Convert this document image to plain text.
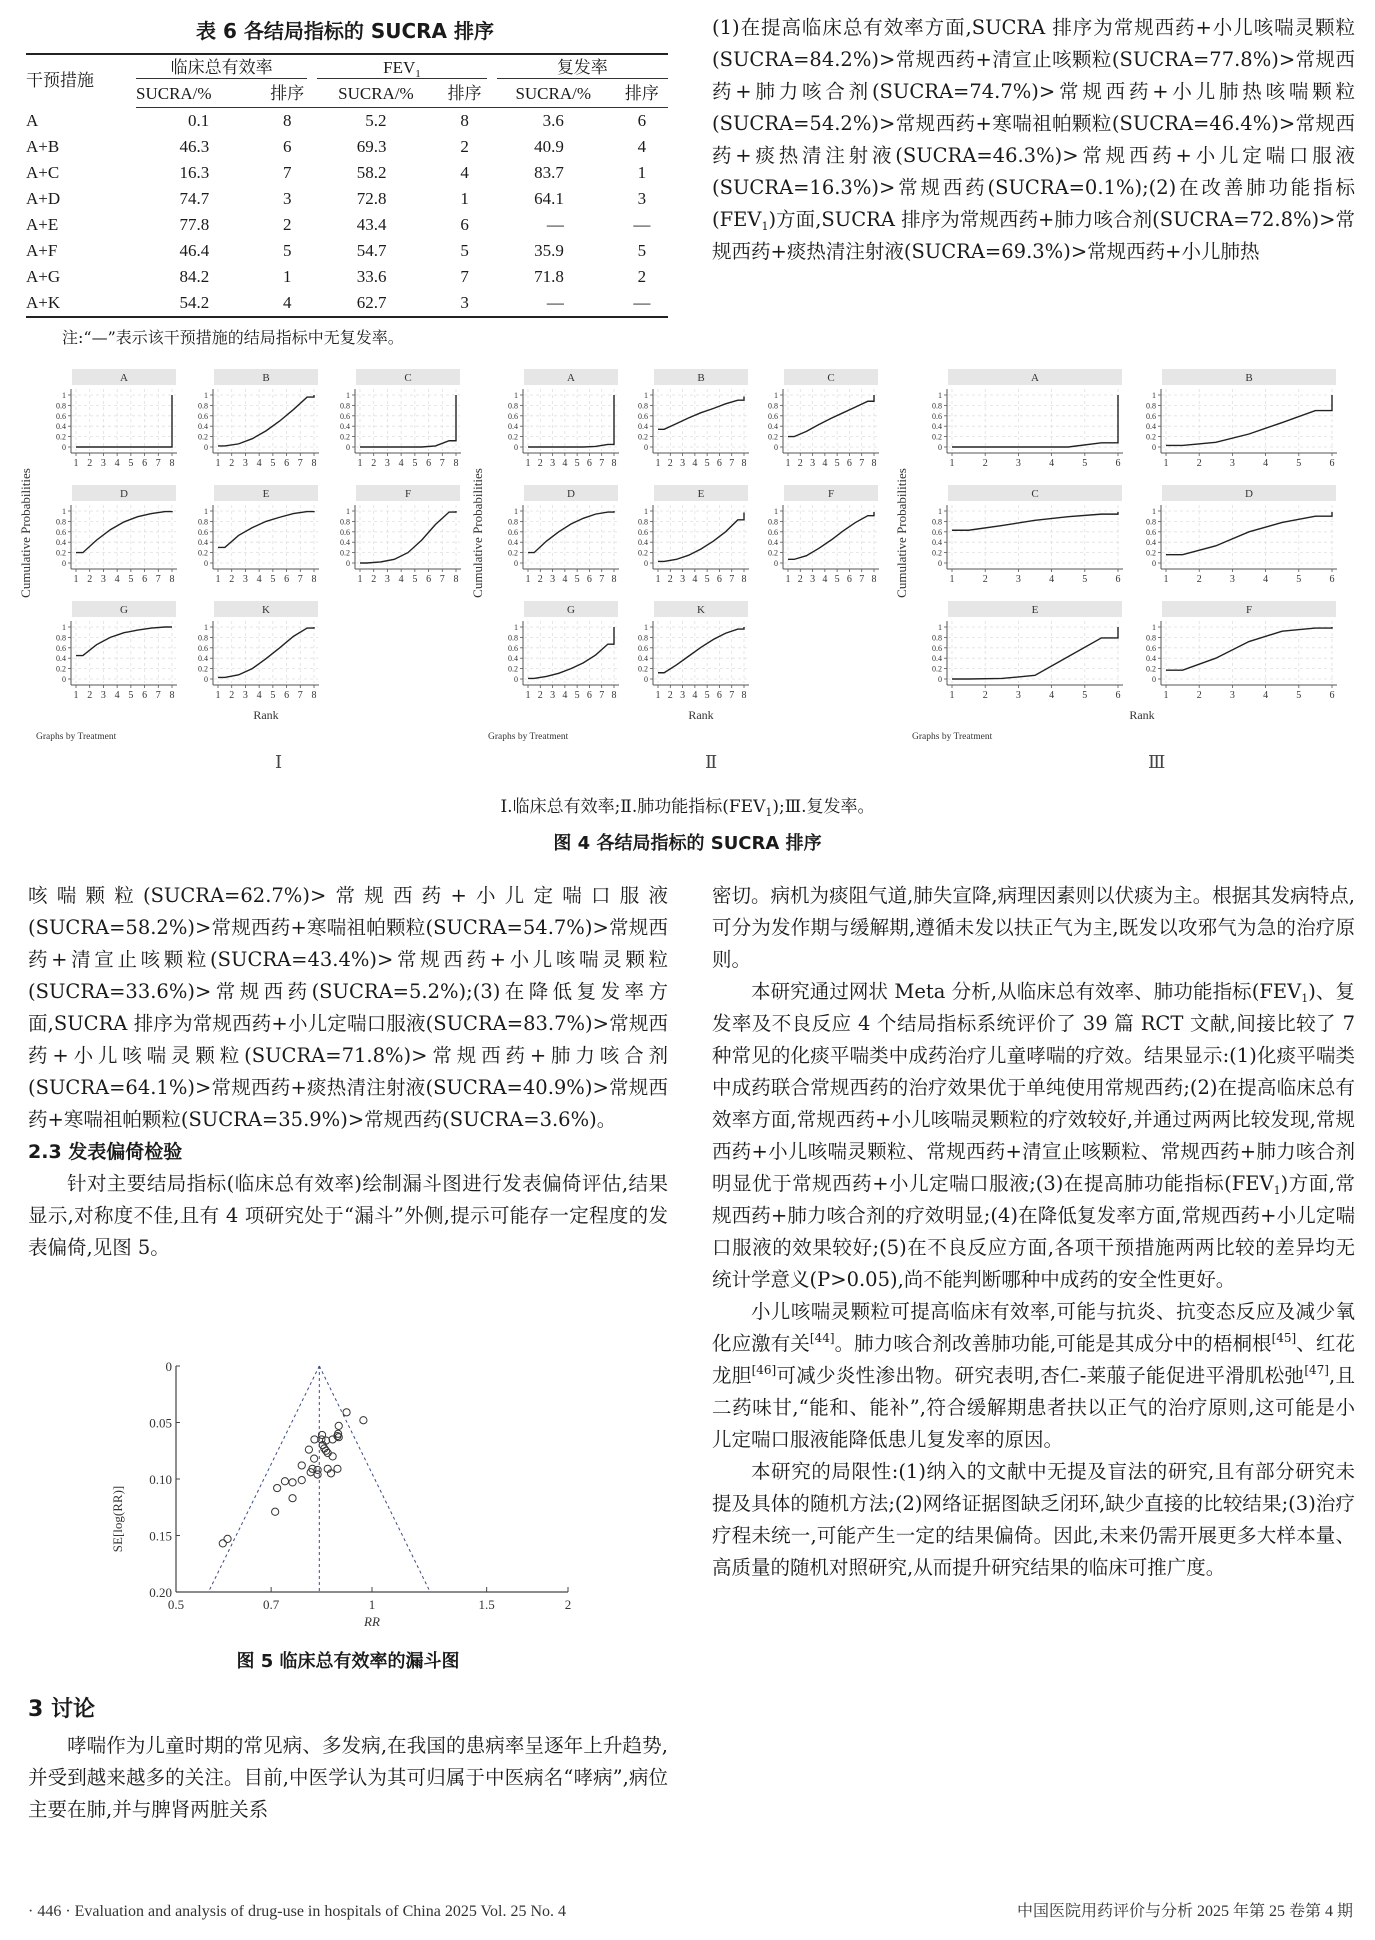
表 6 各结局指标的 SUCRA 排序
干预措施	临床总有效率		$FEV_1$		复发率	

	SUCRA/%	排序	SUCRA/%	排序	SUCRA/%	排序
A	0.1	8	5.2	8	3.6	6
A+B	46.3	6	69.3	2	40.9	4
A+C	16.3	7	58.2	4	83.7	1
A+D	74.7	3	72.8	1	64.1	3
A+E	77.8	2	43.4	6	—	—
A+F	46.4	5	54.7	5	35.9	5
A+G	84.2	1	33.6	7	71.8	2
A+K	54.2	4	62.7	3	—	—
注:“—”表示该干预措施的结局指标中无复发率。

(1)在提高临床总有效率方面,SUCRA 排序为常规西药+小儿咳喘灵颗粒(SUCRA=84.2%)>常规西药+清宣止咳颗粒(SUCRA=77.8%)>常规西药+肺力咳合剂(SUCRA=74.7%)>常规西药+小儿肺热咳喘颗粒(SUCRA=54.2%)>常规西药+寒喘祖帕颗粒(SUCRA=46.4%)>常规西药+痰热清注射液(SUCRA=46.3%)>常规西药+小儿定喘口服液(SUCRA=16.3%)>常规西药(SUCRA=0.1%);(2)在改善肺功能指标$(FEV_1)$方面,SUCRA 排序为常规西药+肺力咳合剂(SUCRA=72.8%)>常规西药+痰热清注射液(SUCRA=69.3%)>常规西药+小儿肺热

Cumulative Probabilities
A
0
0.2
0.4
0.6
0.8
1
1 2 3 4 5 6 7 8
B
0
0.2
0.4
0.6
0.8
1
1 2 3 4 5 6 7 8
C
0
0.2
0.4
0.6
0.8
1
1 2 3 4 5 6 7 8
D
0
0.2
0.4
0.6
0.8
1
1 2 3 4 5 6 7 8
E
0
0.2
0.4
0.6
0.8
1
1 2 3 4 5 6 7 8
F
0
0.2
0.4
0.6
0.8
1
1 2 3 4 5 6 7 8
G
0
0.2
0.4
0.6
0.8
1
1 2 3 4 5 6 7 8
K
0
0.2
0.4
0.6
0.8
1
1 2 3 4 5 6 7 8
Rank
Graphs by Treatment
Cumulative Probabilities
A
0
0.2
0.4
0.6
0.8
1
1 2 3 4 5 6 7 8
B
0
0.2
0.4
0.6
0.8
1
1 2 3 4 5 6 7 8
C
0
0.2
0.4
0.6
0.8
1
1 2 3 4 5 6 7 8
D
0
0.2
0.4
0.6
0.8
1
1 2 3 4 5 6 7 8
E
0
0.2
0.4
0.6
0.8
1
1 2 3 4 5 6 7 8
F
0
0.2
0.4
0.6
0.8
1
1 2 3 4 5 6 7 8
G
0
0.2
0.4
0.6
0.8
1
1 2 3 4 5 6 7 8
K
0
0.2
0.4
0.6
0.8
1
1 2 3 4 5 6 7 8
Rank
Graphs by Treatment
Cumulative Probabilities
A
0
0.2
0.4
0.6
0.8
1
1	2	3	4	5	6
B
0
0.2
0.4
0.6
0.8
1
1	2	3	4	5	6
C
0
0.2
0.4
0.6
0.8
1
1	2	3	4	5	6
D
0
0.2
0.4
0.6
0.8
1
1	2	3	4	5	6
E
0
0.2
0.4
0.6
0.8
1
1	2	3	4	5	6
F
0
0.2
0.4
0.6
0.8
1
1	2	3	4	5	6
Rank
Graphs by Treatment
Ⅰ	Ⅱ	Ⅲ
Ⅰ.临床总有效率;Ⅱ.肺功能指标$(FEV_1);Ⅲ$.复发率。
图 4 各结局指标的 SUCRA 排序

咳喘颗粒(SUCRA=62.7%)>常规西药+小儿定喘口服液(SUCRA=58.2%)>常规西药+寒喘祖帕颗粒(SUCRA=54.7%)>常规西药+清宣止咳颗粒(SUCRA=43.4%)>常规西药+小儿咳喘灵颗粒(SUCRA=33.6%)>常规西药(SUCRA=5.2%);(3)在降低复发率方面,SUCRA 排序为常规西药+小儿定喘口服液(SUCRA=83.7%)>常规西药+小儿咳喘灵颗粒(SUCRA=71.8%)>常规西药+肺力咳合剂(SUCRA=64.1%)>常规西药+痰热清注射液(SUCRA=40.9%)>常规西药+寒喘祖帕颗粒(SUCRA=35.9%)>常规西药(SUCRA=3.6%)。

2.3 发表偏倚检验

针对主要结局指标(临床总有效率)绘制漏斗图进行发表偏倚评估,结果显示,对称度不佳,且有 4 项研究处于“漏斗”外侧,提示可能存一定程度的发表偏倚,见图 5。

0
0.05
0.10
0.15
0.20
0.5	0.7	1	1.5	2
RR
SE[log(RR)]
图 5 临床总有效率的漏斗图

3 讨论

哮喘作为儿童时期的常见病、多发病,在我国的患病率呈逐年上升趋势,并受到越来越多的关注。目前,中医学认为其可归属于中医病名“哮病”,病位主要在肺,并与脾肾两脏关系

密切。病机为痰阻气道,肺失宣降,病理因素则以伏痰为主。根据其发病特点,可分为发作期与缓解期,遵循未发以扶正气为主,既发以攻邪气为急的治疗原则。

本研究通过网状 Meta 分析,从临床总有效率、肺功能指标$(FEV_1)$、复发率及不良反应 4 个结局指标系统评价了 39 篇 RCT 文献,间接比较了 7 种常见的化痰平喘类中成药治疗儿童哮喘的疗效。结果显示:(1)化痰平喘类中成药联合常规西药的治疗效果优于单纯使用常规西药;(2)在提高临床总有效率方面,常规西药+小儿咳喘灵颗粒的疗效较好,并通过两两比较发现,常规西药+小儿咳喘灵颗粒、常规西药+清宣止咳颗粒、常规西药+肺力咳合剂明显优于常规西药+小儿定喘口服液;(3)在提高肺功能指标$(FEV_1)$方面,常规西药+肺力咳合剂的疗效明显;(4)在降低复发率方面,常规西药+小儿定喘口服液的效果较好;(5)在不良反应方面,各项干预措施两两比较的差异均无统计学意义(P>0.05),尚不能判断哪种中成药的安全性更好。

小儿咳喘灵颗粒可提高临床有效率,可能与抗炎、抗变态反应及减少氧化应激有关[44]。肺力咳合剂改善肺功能,可能是其成分中的梧桐根[45]、红花龙胆[46]可减少炎性渗出物。研究表明,杏仁-莱菔子能促进平滑肌松弛[47],且二药味甘,“能和、能补”,符合缓解期患者扶以正气的治疗原则,这可能是小儿定喘口服液能降低患儿复发率的原因。

本研究的局限性:(1)纳入的文献中无提及盲法的研究,且有部分研究未提及具体的随机方法;(2)网络证据图缺乏闭环,缺少直接的比较结果;(3)治疗疗程未统一,可能产生一定的结果偏倚。因此,未来仍需开展更多大样本量、高质量的随机对照研究,从而提升研究结果的临床可推广度。

· 446 · Evaluation and analysis of drug-use in hospitals of China 2025 Vol. 25 No. 4	中国医院用药评价与分析 2025 年第 25 卷第 4 期
